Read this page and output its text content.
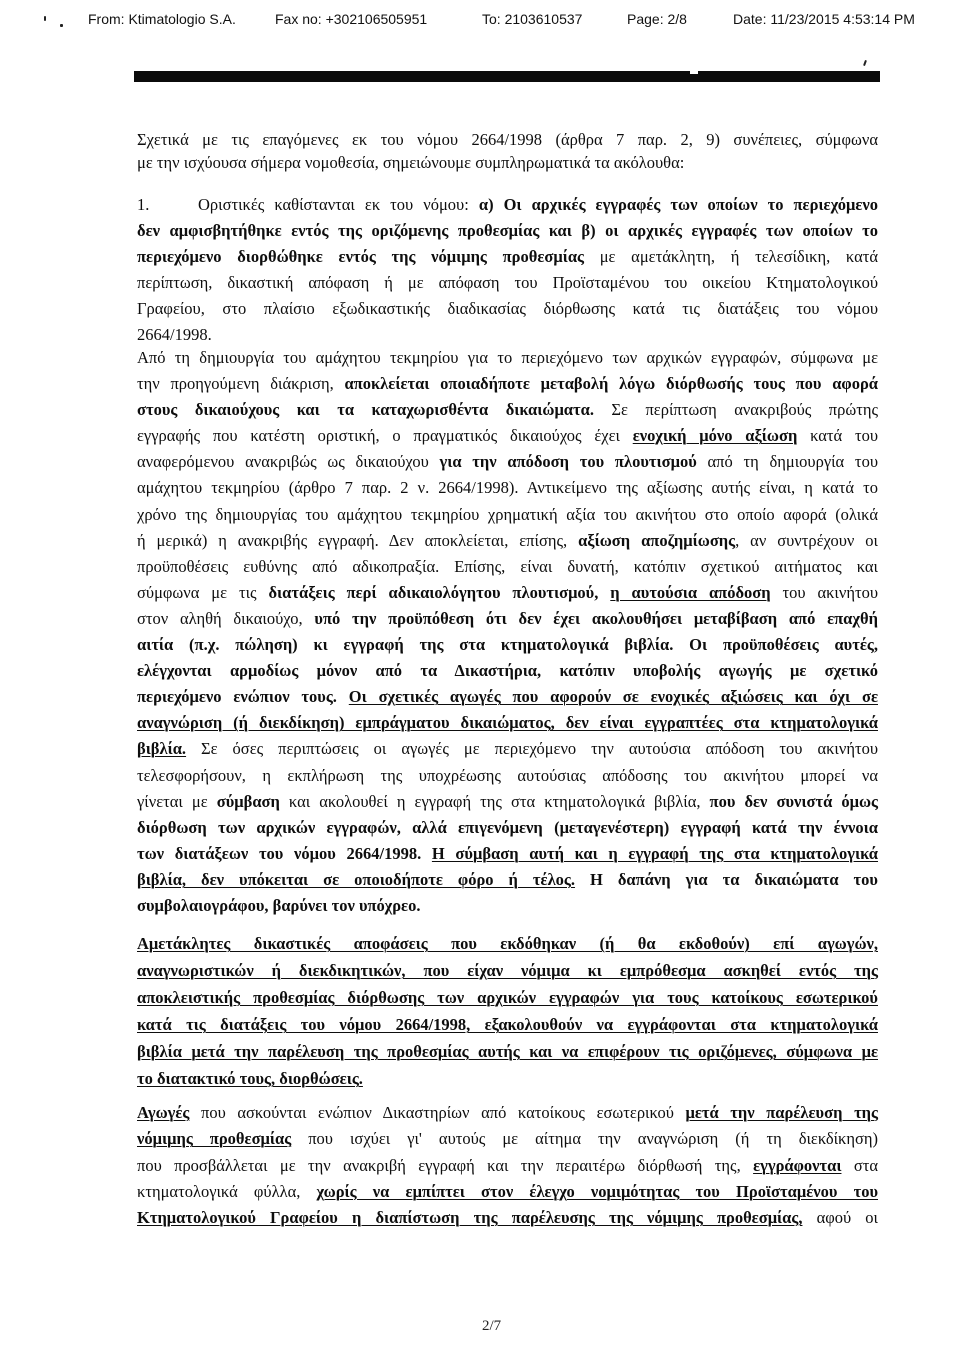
From: Ktimatologio S.A.	Fax no: +302106505951	To: 2103610537	Page: 2/8	Date: 11/23/2015 4:53:14 PM
Σχετικά με τις επαγόμενες εκ του νόμου 2664/1998 (άρθρα 7 παρ. 2, 9) συνέπειες, σύμφωνα
με την ισχύουσα σήμερα νομοθεσία, σημειώνουμε συμπληρωματικά τα ακόλουθα:
1.	Οριστικές καθίστανται εκ του νόμου: α) Οι αρχικές εγγραφές των οποίων το περιεχόμενο
δεν αμφισβητήθηκε εντός της οριζόμενης προθεσμίας και β) οι αρχικές εγγραφές των οποίων το
περιεχόμενο διορθώθηκε εντός της νόμιμης προθεσμίας με αμετάκλητη, ή τελεσίδικη, κατά
περίπτωση, δικαστική απόφαση ή με απόφαση του Προϊσταμένου του οικείου Κτηματολογικού
Γραφείου, στο πλαίσιο εξωδικαστικής διαδικασίας διόρθωσης κατά τις διατάξεις του νόμου
2664/1998.
Από τη δημιουργία του αμάχητου τεκμηρίου για το περιεχόμενο των αρχικών εγγραφών, σύμφωνα με
την προηγούμενη διάκριση, αποκλείεται οποιαδήποτε μεταβολή λόγω διόρθωσής τους που αφορά
στους δικαιούχους και τα καταχωρισθέντα δικαιώματα. Σε περίπτωση ανακριβούς πρώτης
εγγραφής που κατέστη οριστική, ο πραγματικός δικαιούχος έχει ενοχική μόνο αξίωση κατά του
αναφερόμενου ανακριβώς ως δικαιούχου για την απόδοση του πλουτισμού από τη δημιουργία του
αμάχητου τεκμηρίου (άρθρο 7 παρ. 2 ν. 2664/1998). Αντικείμενο της αξίωσης αυτής είναι, η κατά το
χρόνο της δημιουργίας του αμάχητου τεκμηρίου χρηματική αξία του ακινήτου στο οποίο αφορά (ολικά
ή μερικά) η ανακριβής εγγραφή. Δεν αποκλείεται, επίσης, αξίωση αποζημίωσης, αν συντρέχουν οι
προϋποθέσεις ευθύνης από αδικοπραξία. Επίσης, είναι δυνατή, κατόπιν σχετικού αιτήματος και
σύμφωνα με τις διατάξεις περί αδικαιολόγητου πλουτισμού, η αυτούσια απόδοση του ακινήτου
στον αληθή δικαιούχο, υπό την προϋπόθεση ότι δεν έχει ακολουθήσει μεταβίβαση από επαχθή
αιτία (π.χ. πώληση) κι εγγραφή της στα κτηματολογικά βιβλία. Οι προϋποθέσεις αυτές,
ελέγχονται αρμοδίως μόνον από τα Δικαστήρια, κατόπιν υποβολής αγωγής με σχετικό
περιεχόμενο ενώπιον τους. Οι σχετικές αγωγές που αφορούν σε ενοχικές αξιώσεις και όχι σε
αναγνώριση (ή διεκδίκηση) εμπράγματου δικαιώματος, δεν είναι εγγραπτέες στα κτηματολογικά
βιβλία. Σε όσες περιπτώσεις οι αγωγές με περιεχόμενο την αυτούσια απόδοση του ακινήτου
τελεσφορήσουν, η εκπλήρωση της υποχρέωσης αυτούσιας απόδοσης του ακινήτου μπορεί να
γίνεται με σύμβαση και ακολουθεί η εγγραφή της στα κτηματολογικά βιβλία, που δεν συνιστά όμως
διόρθωση των αρχικών εγγραφών, αλλά επιγενόμενη (μεταγενέστερη) εγγραφή κατά την έννοια
των διατάξεων του νόμου 2664/1998. Η σύμβαση αυτή και η εγγραφή της στα κτηματολογικά
βιβλία, δεν υπόκειται σε οποιοδήποτε φόρο ή τέλος. Η δαπάνη για τα δικαιώματα του
συμβολαιογράφου, βαρύνει τον υπόχρεο.
Αμετάκλητες δικαστικές αποφάσεις που εκδόθηκαν (ή θα εκδοθούν) επί αγωγών,
αναγνωριστικών ή διεκδικητικών, που είχαν νόμιμα κι εμπρόθεσμα ασκηθεί εντός της
αποκλειστικής προθεσμίας διόρθωσης των αρχικών εγγραφών για τους κατοίκους εσωτερικού
κατά τις διατάξεις του νόμου 2664/1998, εξακολουθούν να εγγράφονται στα κτηματολογικά
βιβλία μετά την παρέλευση της προθεσμίας αυτής και να επιφέρουν τις οριζόμενες, σύμφωνα με
το διατακτικό τους, διορθώσεις.
Αγωγές που ασκούνται ενώπιον Δικαστηρίων από κατοίκους εσωτερικού μετά την παρέλευση της
νόμιμης προθεσμίας που ισχύει γι' αυτούς με αίτημα την αναγνώριση (ή τη διεκδίκηση)
που προσβάλλεται με την ανακριβή εγγραφή και την περαιτέρω διόρθωσή της, εγγράφονται στα
κτηματολογικά φύλλα, χωρίς να εμπίπτει στον έλεγχο νομιμότητας του Προϊσταμένου του
Κτηματολογικού Γραφείου η διαπίστωση της παρέλευσης της νόμιμης προθεσμίας, αφού οι
2/7
